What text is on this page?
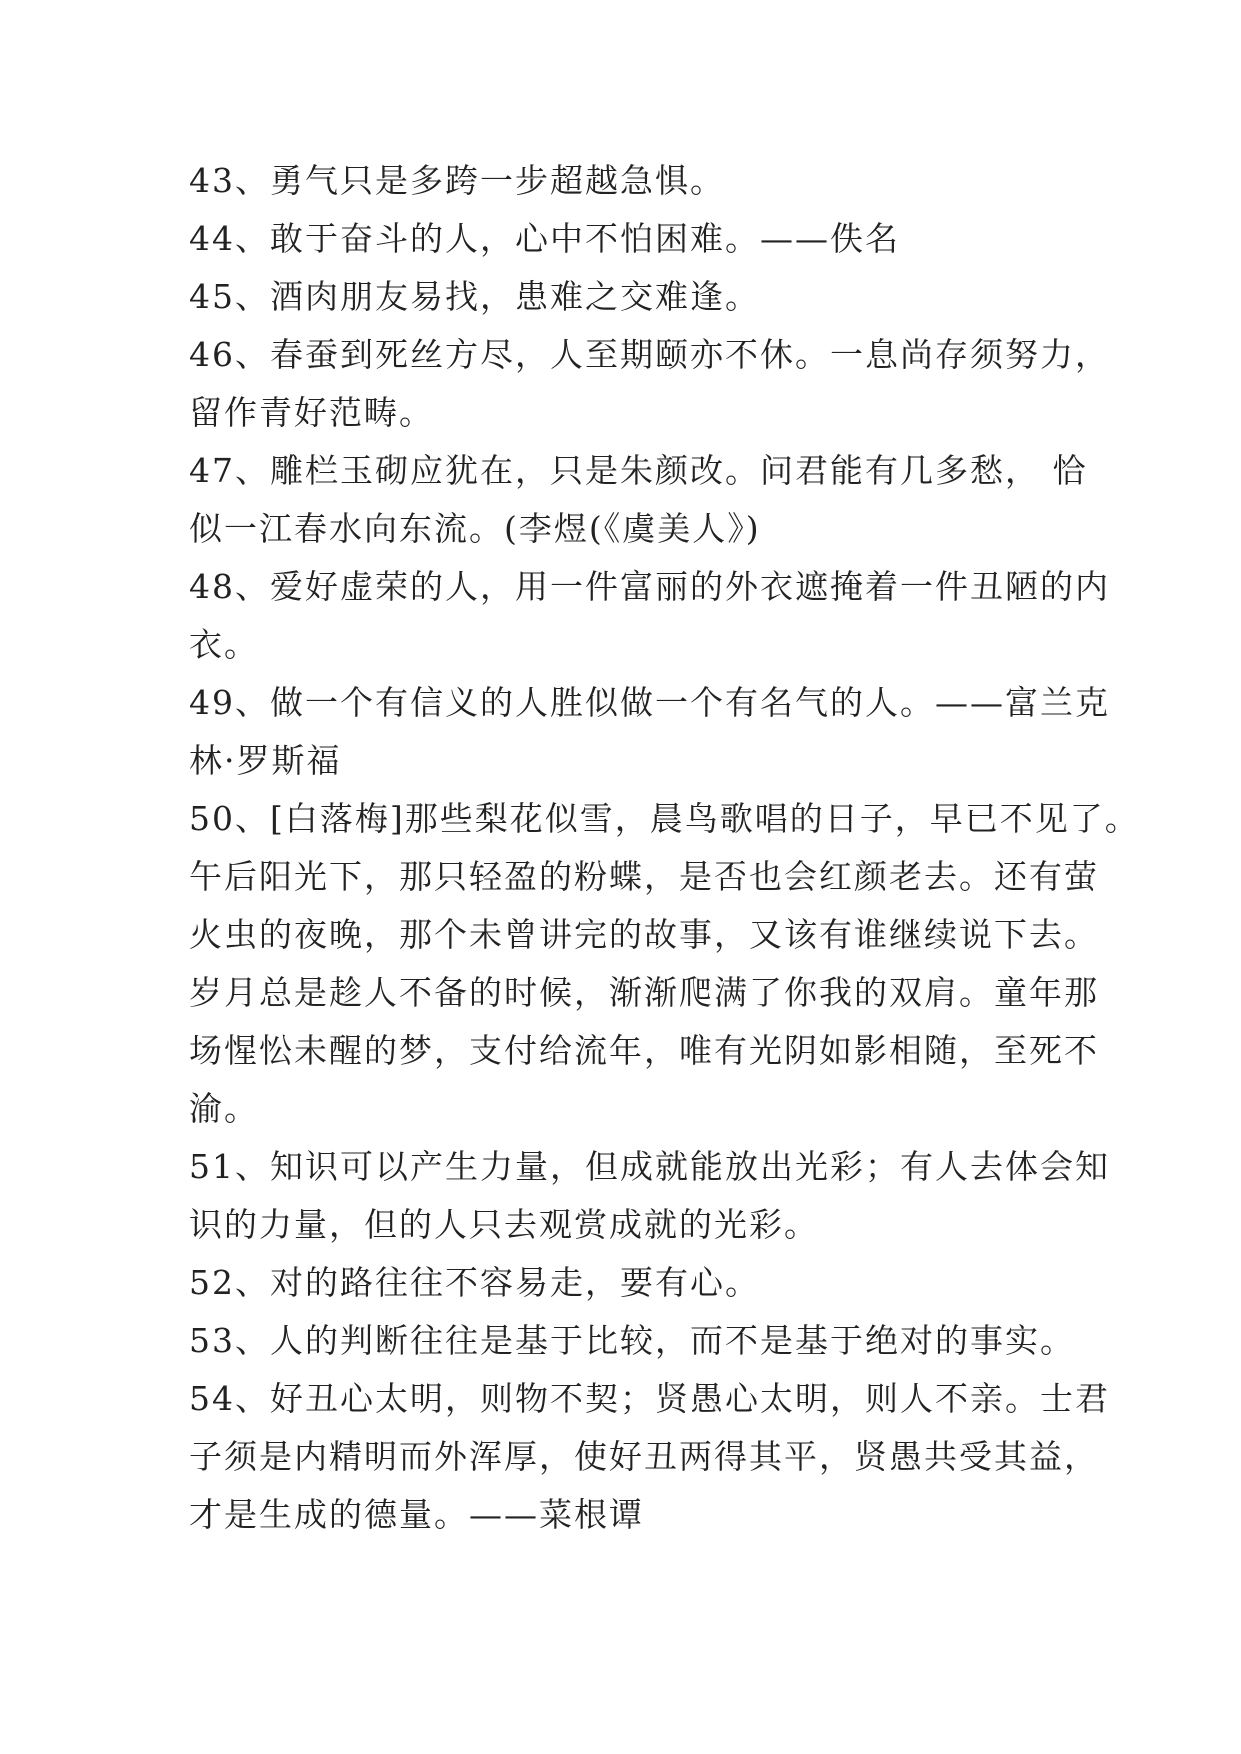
43、勇气只是多跨一步超越急惧。

44、敢于奋斗的人，心中不怕困难。——佚名

45、酒肉朋友易找，患难之交难逢。

46、春蚕到死丝方尽，人至期颐亦不休。一息尚存须努力，
留作青好范畴。

47、雕栏玉砌应犹在，只是朱颜改。问君能有几多愁， 恰
似一江春水向东流。(李煜(《虞美人》)

48、爱好虚荣的人，用一件富丽的外衣遮掩着一件丑陋的内
衣。

49、做一个有信义的人胜似做一个有名气的人。——富兰克
林·罗斯福

50、[白落梅]那些梨花似雪，晨鸟歌唱的日子，早已不见了。
午后阳光下，那只轻盈的粉蝶，是否也会红颜老去。还有萤
火虫的夜晚，那个未曾讲完的故事，又该有谁继续说下去。
岁月总是趁人不备的时候，渐渐爬满了你我的双肩。童年那
场惺忪未醒的梦，支付给流年，唯有光阴如影相随，至死不
渝。

51、知识可以产生力量，但成就能放出光彩；有人去体会知
识的力量，但的人只去观赏成就的光彩。

52、对的路往往不容易走，要有心。

53、人的判断往往是基于比较，而不是基于绝对的事实。

54、好丑心太明，则物不契；贤愚心太明，则人不亲。士君
子须是内精明而外浑厚，使好丑两得其平，贤愚共受其益，
才是生成的德量。——菜根谭
